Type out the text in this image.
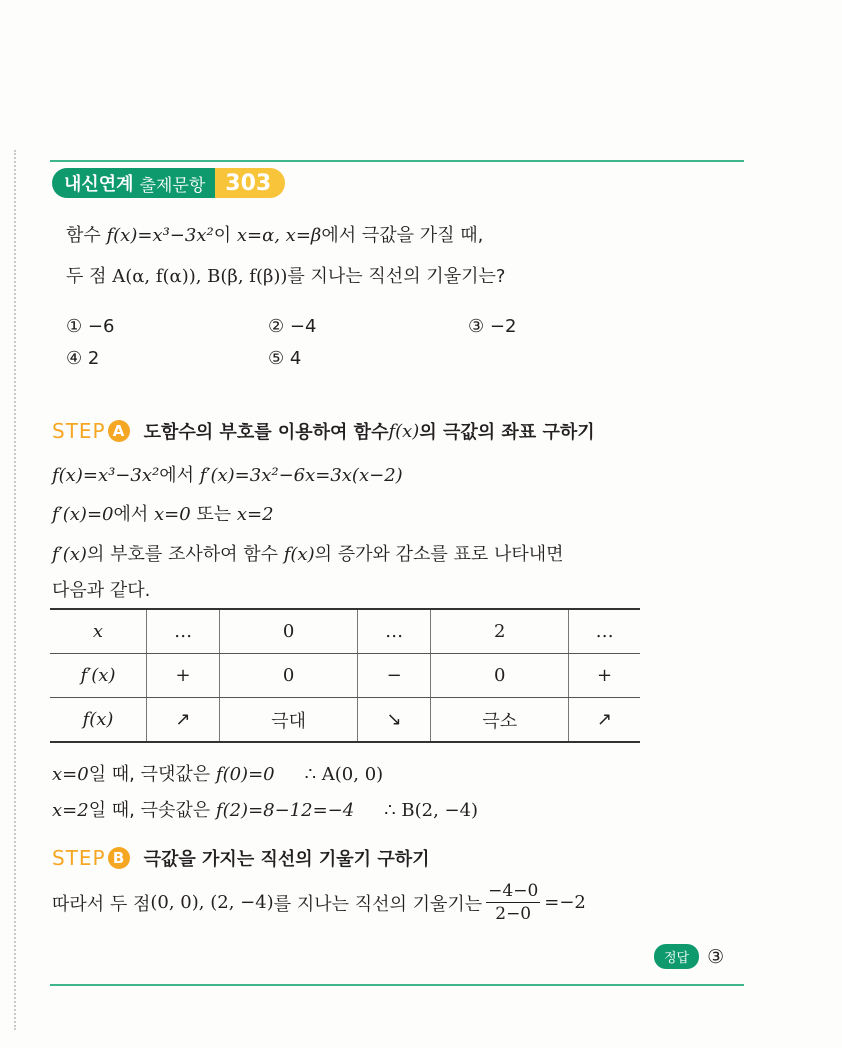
내신연계 출제문항 303
함수 f(x)=x³−3x²이 x=α, x=β에서 극값을 가질 때,
두 점 A(α, f(α)), B(β, f(β))를 지나는 직선의 기울기는?
① −6	② −4	③ −2
④ 2	⑤ 4
STEP A 도함수의 부호를 이용하여 함수 f(x) 의 극값의 좌표 구하기
f(x)=x³−3x²에서 f′(x)=3x²−6x=3x(x−2)
f′(x)=0에서 x=0 또는 x=2
f′(x)의 부호를 조사하여 함수 f(x)의 증가와 감소를 표로 나타내면
다음과 같다.
x	…	0	…	2	…
f′(x)	+	0	−	0	+
f(x)	↗	극대	↘	극소	↗
x=0일 때, 극댓값은 f(0)=0 ∴ A(0, 0)
x=2일 때, 극솟값은 f(2)=8−12=−4 ∴ B(2, −4)
STEP B 극값을 가지는 직선의 기울기 구하기
따라서 두 점 (0, 0), (2, −4) 를 지나는 직선의 기울기는 $\frac{-4-0}{2-0} =-2$
정답 ③
